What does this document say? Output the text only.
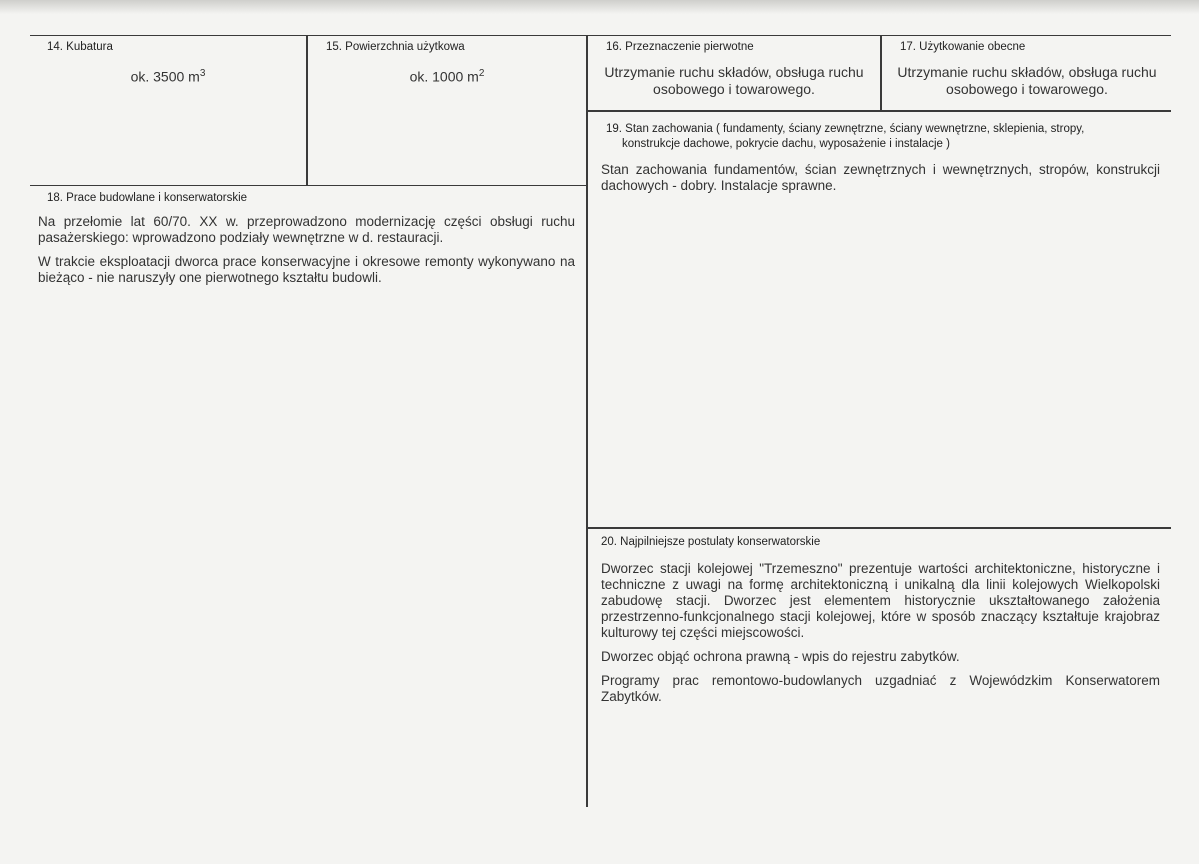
14. Kubatura
ok. 3500 $m^3$
15. Powierzchnia użytkowa
ok. 1000 $m^2$
16. Przeznaczenie pierwotne
Utrzymanie ruchu składów, obsługa ruchu
osobowego i towarowego.
17. Użytkowanie obecne
Utrzymanie ruchu składów, obsługa ruchu
osobowego i towarowego.
18. Prace budowlane i konserwatorskie

Na przełomie lat 60/70. XX w. przeprowadzono modernizację części obsługi ruchu pasażerskiego: wprowadzono podziały wewnętrzne w d. restauracji.

W trakcie eksploatacji dworca prace konserwacyjne i okresowe remonty wykonywano na bieżąco - nie naruszyły one pierwotnego kształtu budowli.

19. Stan zachowania ( fundamenty, ściany zewnętrzne, ściany wewnętrzne, sklepienia, stropy,
konstrukcje dachowe, pokrycie dachu, wyposażenie i instalacje )

Stan zachowania fundamentów, ścian zewnętrznych i wewnętrznych, stropów, konstrukcji dachowych - dobry. Instalacje sprawne.

20. Najpilniejsze postulaty konserwatorskie

Dworzec stacji kolejowej "Trzemeszno" prezentuje wartości architektoniczne, historyczne i techniczne z uwagi na formę architektoniczną i unikalną dla linii kolejowych Wielkopolski zabudowę stacji. Dworzec jest elementem historycznie ukształtowanego założenia przestrzenno-funkcjonalnego stacji kolejowej, które w sposób znaczący kształtuje krajobraz kulturowy tej części miejscowości.

Dworzec objąć ochrona prawną - wpis do rejestru zabytków.

Programy prac remontowo-budowlanych uzgadniać z Wojewódzkim Konserwatorem Zabytków.
